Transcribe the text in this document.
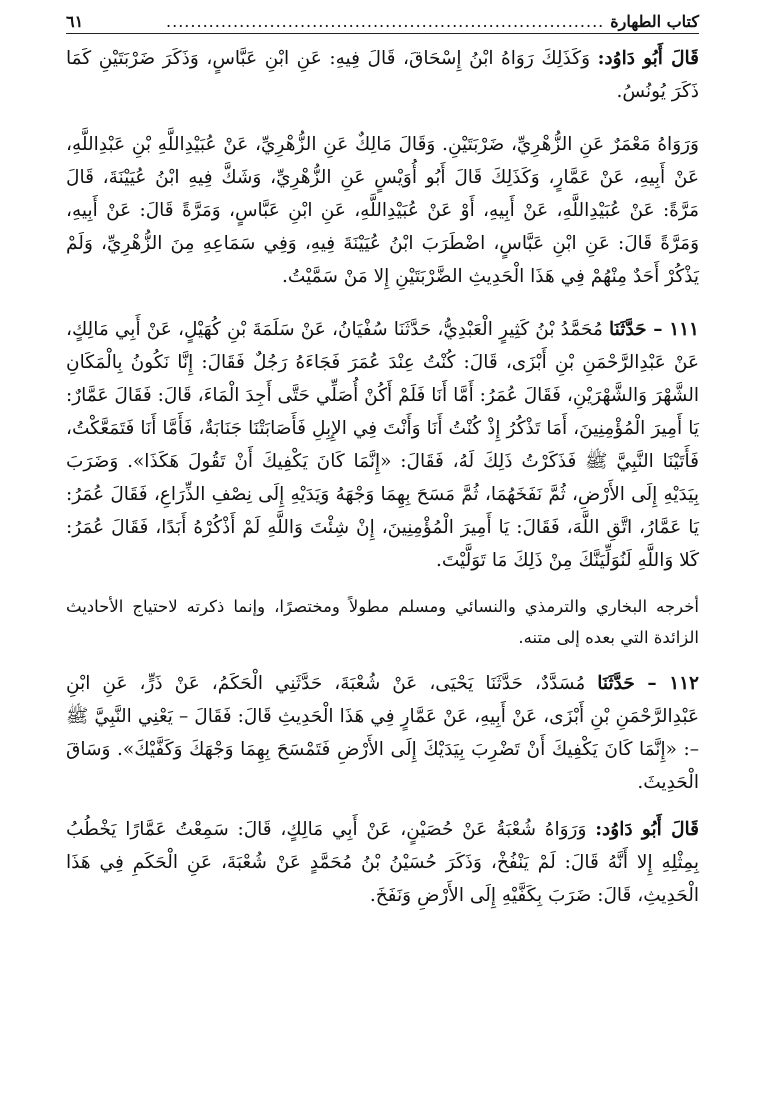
كتاب الطهارة
........................................................................
٦١

قَالَ أَبُو دَاوُد: وَكَذَلِكَ رَوَاهُ ابْنُ إِسْحَاقَ، قَالَ فِيهِ: عَنِ ابْنِ عَبَّاسٍ، وَذَكَرَ ضَرْبَتَيْنِ كَمَا ذَكَرَ يُونُسُ.

وَرَوَاهُ مَعْمَرٌ عَنِ الزُّهْرِيِّ، ضَرْبَتَيْنِ. وَقَالَ مَالِكٌ عَنِ الزُّهْرِيِّ، عَنْ عُبَيْدِاللَّهِ بْنِ عَبْدِاللَّهِ، عَنْ أَبِيهِ، عَنْ عَمَّارٍ، وَكَذَلِكَ قَالَ أَبُو أُوَيْسٍ عَنِ الزُّهْرِيِّ، وَشَكَّ فِيهِ ابْنُ عُيَيْنَةَ، قَالَ مَرَّةً: عَنْ عُبَيْدِاللَّهِ، عَنْ أَبِيهِ، أَوْ عَنْ عُبَيْدِاللَّهِ، عَنِ ابْنِ عَبَّاسٍ، وَمَرَّةً قَالَ: عَنْ أَبِيهِ، وَمَرَّةً قَالَ: عَنِ ابْنِ عَبَّاسٍ، اضْطَرَبَ ابْنُ عُيَيْنَةَ فِيهِ، وَفِي سَمَاعِهِ مِنَ الزُّهْرِيِّ، وَلَمْ يَذْكُرْ أَحَدٌ مِنْهُمْ فِي هَذَا الْحَدِيثِ الضَّرْبَتَيْنِ إِلا مَنْ سَمَّيْتُ.

١١١ – حَدَّثَنَا مُحَمَّدُ بْنُ كَثِيرٍ الْعَبْدِيُّ، حَدَّثَنَا سُفْيَانُ، عَنْ سَلَمَةَ بْنِ كُهَيْلٍ، عَنْ أَبِي مَالِكٍ، عَنْ عَبْدِالرَّحْمَنِ بْنِ أَبْزَى، قَالَ: كُنْتُ عِنْدَ عُمَرَ فَجَاءَهُ رَجُلٌ فَقَالَ: إِنَّا نَكُونُ بِالْمَكَانِ الشَّهْرَ وَالشَّهْرَيْنِ، فَقَالَ عُمَرُ: أَمَّا أَنَا فَلَمْ أَكُنْ أُصَلِّي حَتَّى أَجِدَ الْمَاءَ، قَالَ: فَقَالَ عَمَّارٌ: يَا أَمِيرَ الْمُؤْمِنِينَ، أَمَا تَذْكُرُ إِذْ كُنْتُ أَنَا وَأَنْتَ فِي الإِبِلِ فَأَصَابَتْنَا جَنَابَةٌ، فَأَمَّا أَنَا فَتَمَعَّكْتُ، فَأَتَيْنَا النَّبِيَّ ﷺ فَذَكَرْتُ ذَلِكَ لَهُ، فَقَالَ: «إِنَّمَا كَانَ يَكْفِيكَ أَنْ تَقُولَ هَكَذَا». وَضَرَبَ بِيَدَيْهِ إِلَى الأَرْضِ، ثُمَّ نَفَخَهُمَا، ثُمَّ مَسَحَ بِهِمَا وَجْهَهُ وَيَدَيْهِ إِلَى نِصْفِ الذِّرَاعِ، فَقَالَ عُمَرُ: يَا عَمَّارُ، اتَّقِ اللَّهَ، فَقَالَ: يَا أَمِيرَ الْمُؤْمِنِينَ، إِنْ شِئْتَ وَاللَّهِ لَمْ أَذْكُرْهُ أَبَدًا، فَقَالَ عُمَرُ: كَلا وَاللَّهِ لَنُوَلِّيَنَّكَ مِنْ ذَلِكَ مَا تَوَلَّيْتَ.

أخرجه البخاري والترمذي والنسائي ومسلم مطولاً ومختصرًا، وإنما ذكرته لاحتياج الأحاديث الزائدة التي بعده إلى متنه.

١١٢ – حَدَّثَنَا مُسَدَّدٌ، حَدَّثَنَا يَحْيَى، عَنْ شُعْبَةَ، حَدَّثَنِي الْحَكَمُ، عَنْ ذَرٍّ، عَنِ ابْنِ عَبْدِالرَّحْمَنِ بْنِ أَبْزَى، عَنْ أَبِيهِ، عَنْ عَمَّارٍ فِي هَذَا الْحَدِيثِ قَالَ: فَقَالَ – يَعْنِي النَّبِيَّ ﷺ –: «إِنَّمَا كَانَ يَكْفِيكَ أَنْ تَضْرِبَ بِيَدَيْكَ إِلَى الأَرْضِ فَتَمْسَحَ بِهِمَا وَجْهَكَ وَكَفَّيْكَ». وَسَاقَ الْحَدِيثَ.

قَالَ أَبُو دَاوُد: وَرَوَاهُ شُعْبَةُ عَنْ حُصَيْنٍ، عَنْ أَبِي مَالِكٍ، قَالَ: سَمِعْتُ عَمَّارًا يَخْطُبُ بِمِثْلِهِ إِلا أَنَّهُ قَالَ: لَمْ يَنْفُخْ، وَذَكَرَ حُسَيْنُ بْنُ مُحَمَّدٍ عَنْ شُعْبَةَ، عَنِ الْحَكَمِ فِي هَذَا الْحَدِيثِ، قَالَ: ضَرَبَ بِكَفَّيْهِ إِلَى الأَرْضِ وَنَفَخَ.
